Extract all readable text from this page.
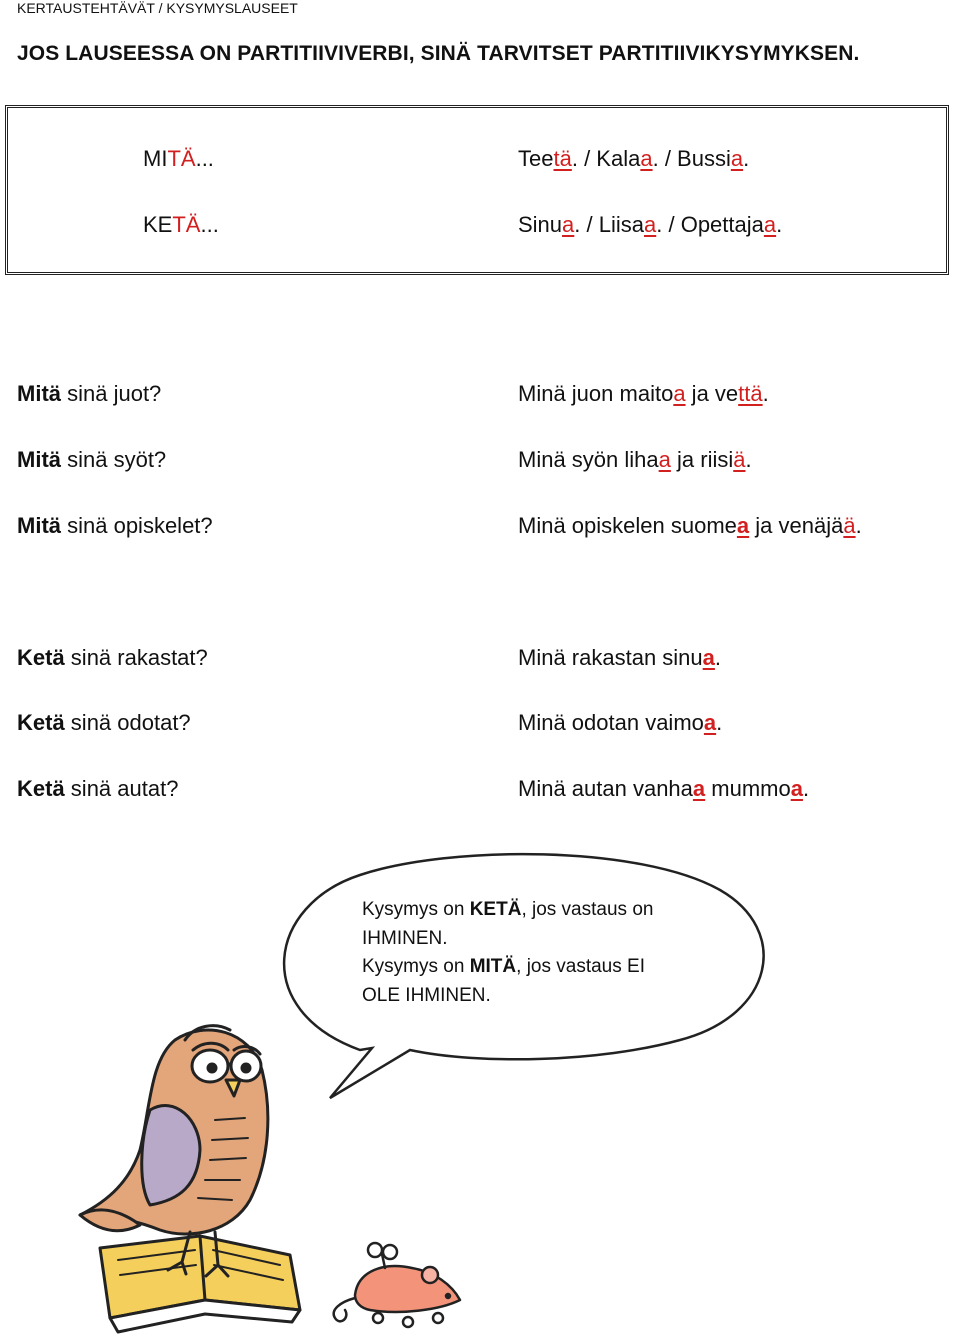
KERTAUSTEHTÄVÄT / KYSYMYSLAUSEET
JOS LAUSEESSA ON PARTITIIVIVERBI, SINÄ TARVITSET PARTITIIVIKYSYMYKSEN.
MITÄ...
KETÄ...
Teetä. / Kalaa. / Bussia.
Sinua. / Liisaa. / Opettajaa.
Mitä sinä juot?
Mitä sinä syöt?
Mitä sinä opiskelet?
Minä juon maitoa ja vettä.
Minä syön lihaa ja riisiä.
Minä opiskelen suomea ja venäjää.
Ketä sinä rakastat?
Ketä sinä odotat?
Ketä sinä autat?
Minä rakastan sinua.
Minä odotan vaimoa.
Minä autan vanhaa mummoa.
Kysymys on KETÄ, jos vastaus on
IHMINEN.
Kysymys on MITÄ, jos vastaus EI
OLE IHMINEN.
